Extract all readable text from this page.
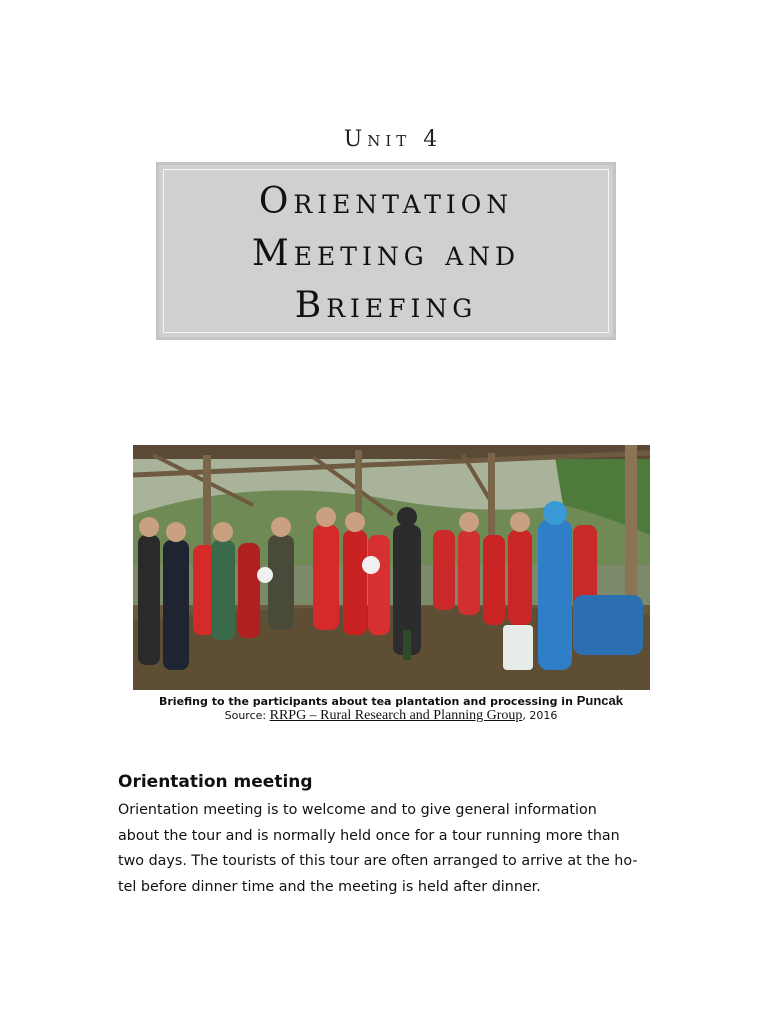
Unit 4
Orientation
Meeting and
Briefing
Briefing to the participants about tea plantation and processing in Puncak
Source: RRPG – Rural Research and Planning Group, 2016
Orientation meeting
Orientation meeting is to welcome and to give general information
about the tour and is normally held once for a tour running more than
two days. The tourists of this tour are often arranged to arrive at the ho-
tel before dinner time and the meeting is held after dinner.
